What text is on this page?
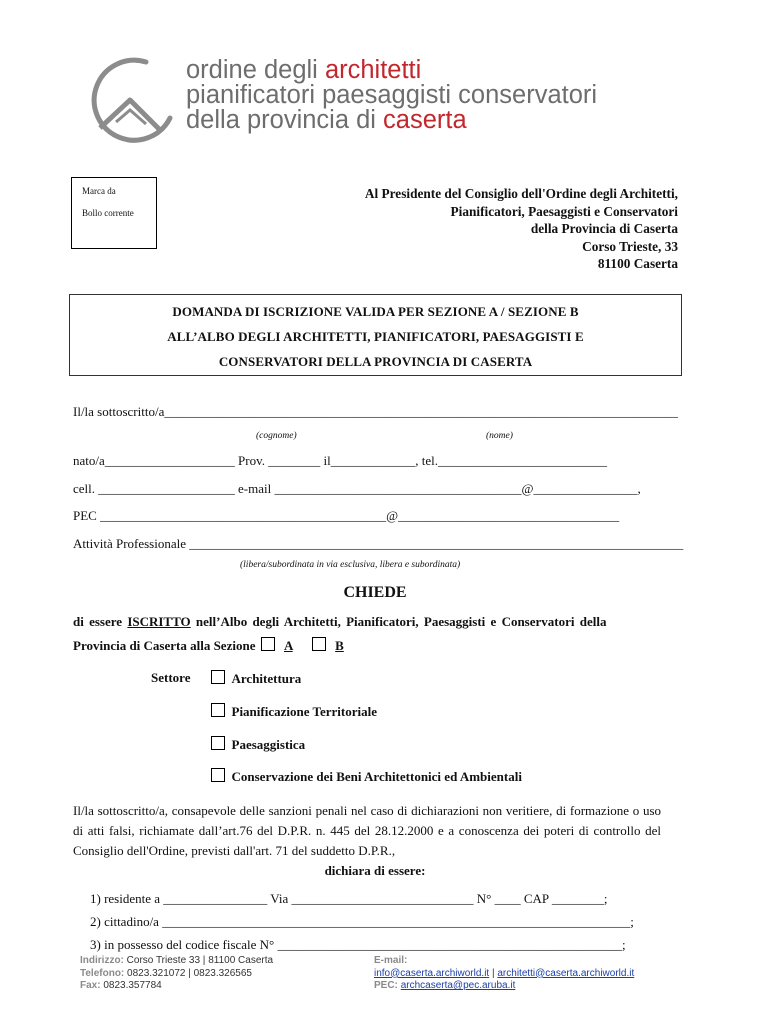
ordine degli architetti
pianificatori paesaggisti conservatori
della provincia di caserta
Marca da
Bollo corrente
Al Presidente del Consiglio dell'Ordine degli Architetti,
Pianificatori, Paesaggisti e Conservatori
della Provincia di Caserta
Corso Trieste, 33
81100 Caserta
DOMANDA DI ISCRIZIONE VALIDA PER SEZIONE A / SEZIONE B
ALL’ALBO DEGLI ARCHITETTI, PIANIFICATORI, PAESAGGISTI E
CONSERVATORI DELLA PROVINCIA DI CASERTA
Il/la sottoscritto/a_______________________________________________________________________________
(cognome)	(nome)
nato/a____________________ Prov. ________ il_____________, tel.__________________________
cell. _____________________ e-mail ______________________________________@________________,
PEC ____________________________________________@__________________________________
Attività Professionale ____________________________________________________________________________
(libera/subordinata in via esclusiva, libera e subordinata)
CHIEDE
di essere ISCRITTO nell’Albo degli Architetti, Pianificatori, Paesaggisti e Conservatori della
Provincia di Caserta alla Sezione A	B
Settore	Architettura
Pianificazione Territoriale
Paesaggistica
Conservazione dei Beni Architettonici ed Ambientali
Il/la sottoscritto/a, consapevole delle sanzioni penali nel caso di dichiarazioni non veritiere, di formazione o uso di atti falsi, richiamate dall’art.76 del D.P.R. n. 445 del 28.12.2000 e a conoscenza dei poteri di controllo del Consiglio dell'Ordine, previsti dall'art. 71 del suddetto D.P.R.,
dichiara di essere:
1) residente a ________________ Via ____________________________ N° ____ CAP ________;
2) cittadino/a ________________________________________________________________________;
3) in possesso del codice fiscale N° _____________________________________________________;
Indirizzo: Corso Trieste 33 | 81100 Caserta
Telefono: 0823.321072 | 0823.326565
Fax: 0823.357784
E-mail:
info@caserta.archiworld.it | architetti@caserta.archiworld.it
PEC: archcaserta@pec.aruba.it
